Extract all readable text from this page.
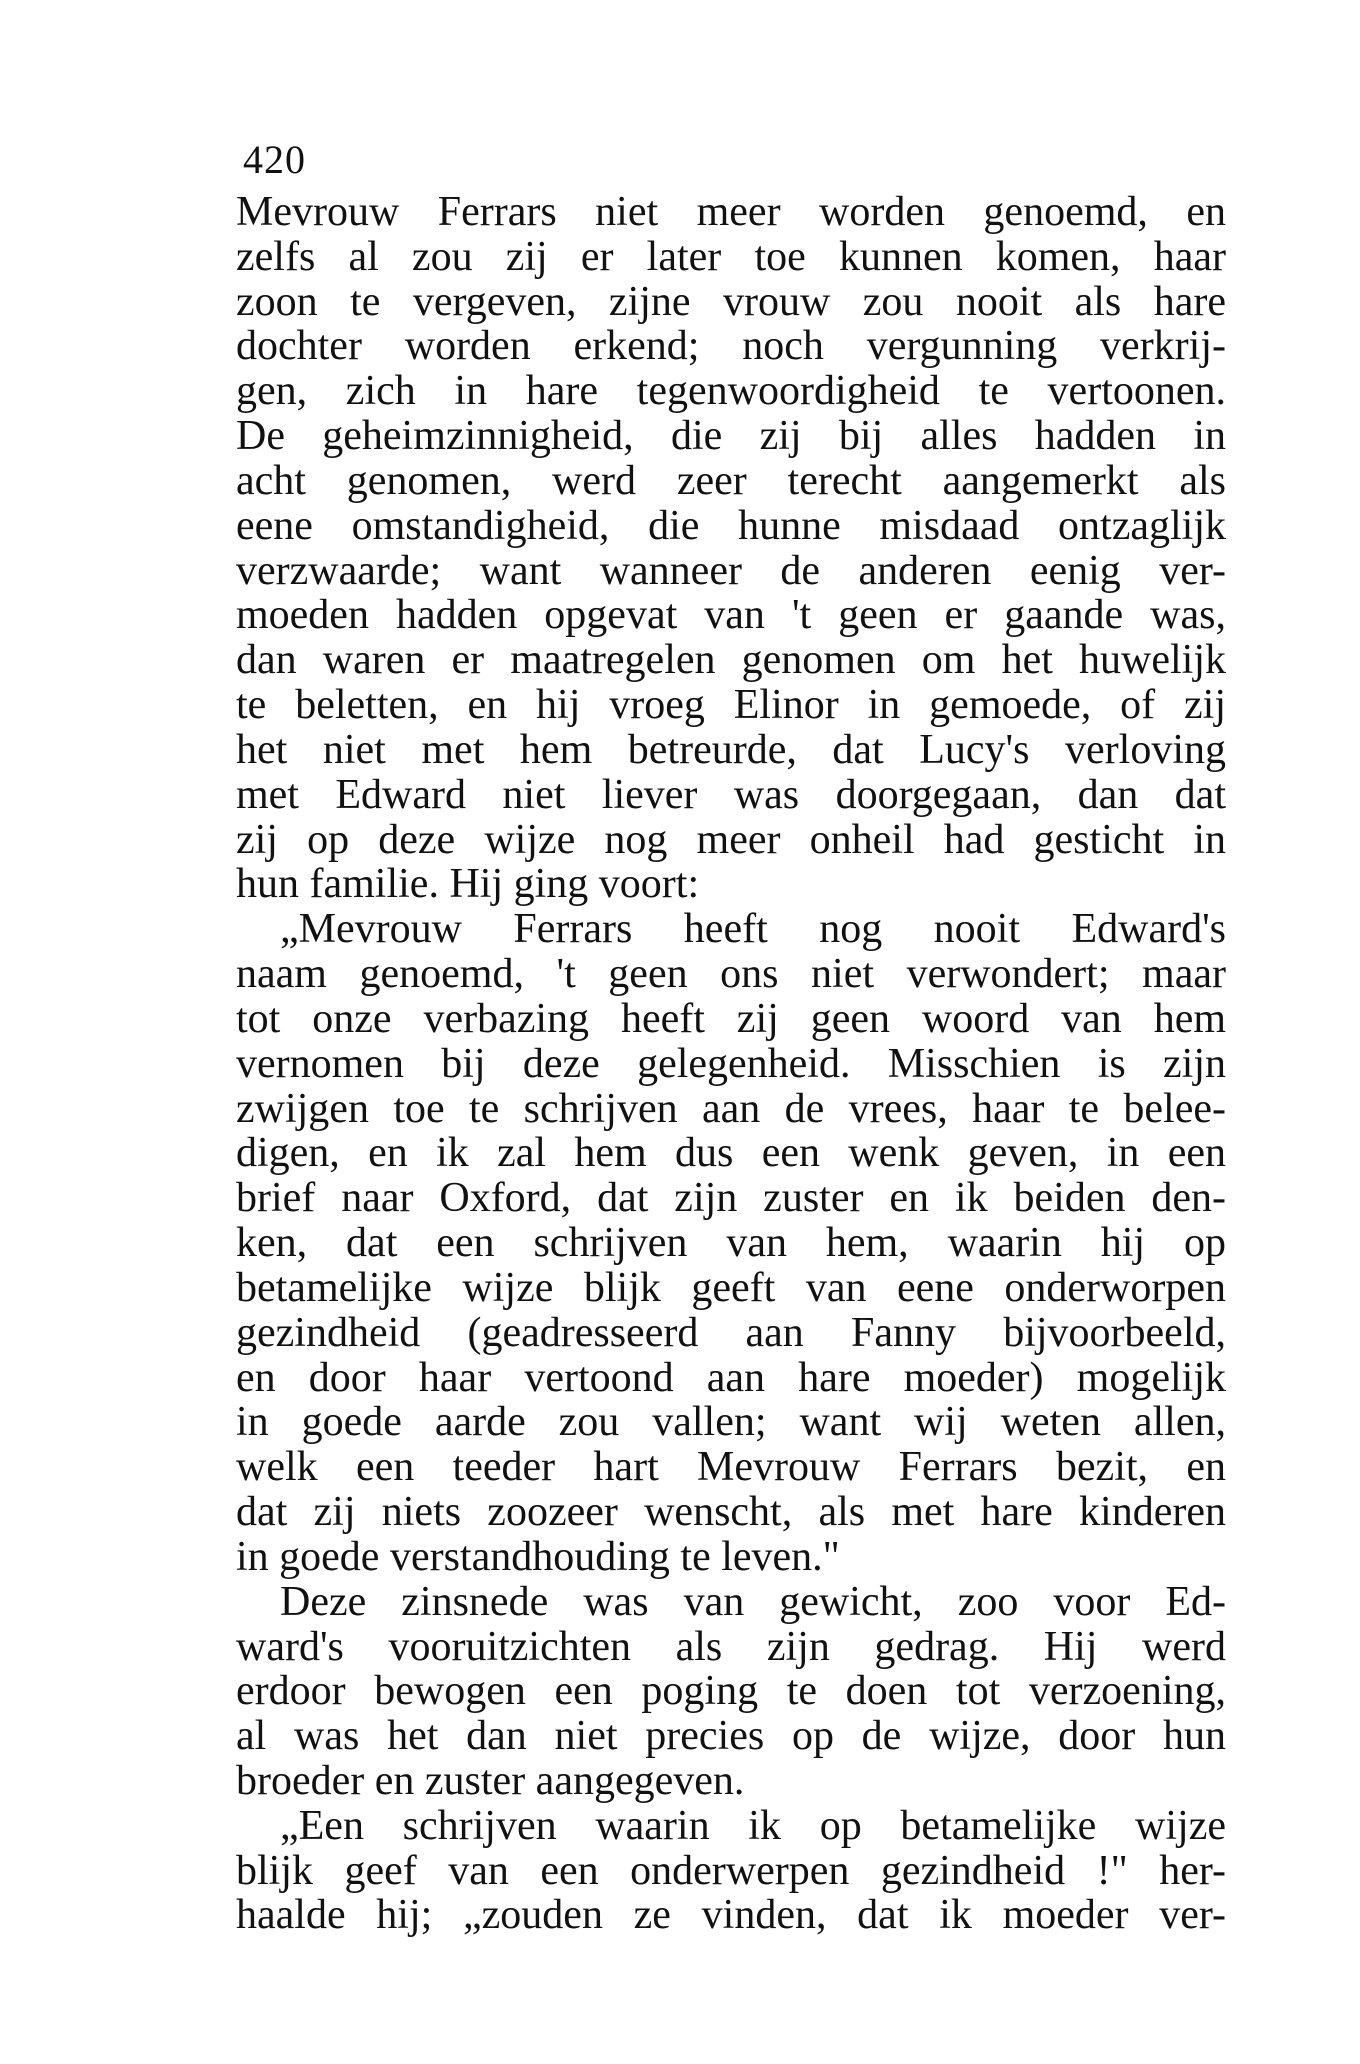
420
Mevrouw Ferrars niet meer worden genoemd, en
zelfs al zou zij er later toe kunnen komen, haar
zoon te vergeven, zijne vrouw zou nooit als hare
dochter worden erkend; noch vergunning verkrij-
gen, zich in hare tegenwoordigheid te vertoonen.
De geheimzinnigheid, die zij bij alles hadden in
acht genomen, werd zeer terecht aangemerkt als
eene omstandigheid, die hunne misdaad ontzaglijk
verzwaarde; want wanneer de anderen eenig ver-
moeden hadden opgevat van 't geen er gaande was,
dan waren er maatregelen genomen om het huwelijk
te beletten, en hij vroeg Elinor in gemoede, of zij
het niet met hem betreurde, dat Lucy's verloving
met Edward niet liever was doorgegaan, dan dat
zij op deze wijze nog meer onheil had gesticht in
hun familie. Hij ging voort:
„Mevrouw Ferrars heeft nog nooit Edward's
naam genoemd, 't geen ons niet verwondert; maar
tot onze verbazing heeft zij geen woord van hem
vernomen bij deze gelegenheid. Misschien is zijn
zwijgen toe te schrijven aan de vrees, haar te belee-
digen, en ik zal hem dus een wenk geven, in een
brief naar Oxford, dat zijn zuster en ik beiden den-
ken, dat een schrijven van hem, waarin hij op
betamelijke wijze blijk geeft van eene onderworpen
gezindheid (geadresseerd aan Fanny bijvoorbeeld,
en door haar vertoond aan hare moeder) mogelijk
in goede aarde zou vallen; want wij weten allen,
welk een teeder hart Mevrouw Ferrars bezit, en
dat zij niets zoozeer wenscht, als met hare kinderen
in goede verstandhouding te leven."
Deze zinsnede was van gewicht, zoo voor Ed-
ward's vooruitzichten als zijn gedrag. Hij werd
erdoor bewogen een poging te doen tot verzoening,
al was het dan niet precies op de wijze, door hun
broeder en zuster aangegeven.
„Een schrijven waarin ik op betamelijke wijze
blijk geef van een onderwerpen gezindheid !" her-
haalde hij; „zouden ze vinden, dat ik moeder ver-
